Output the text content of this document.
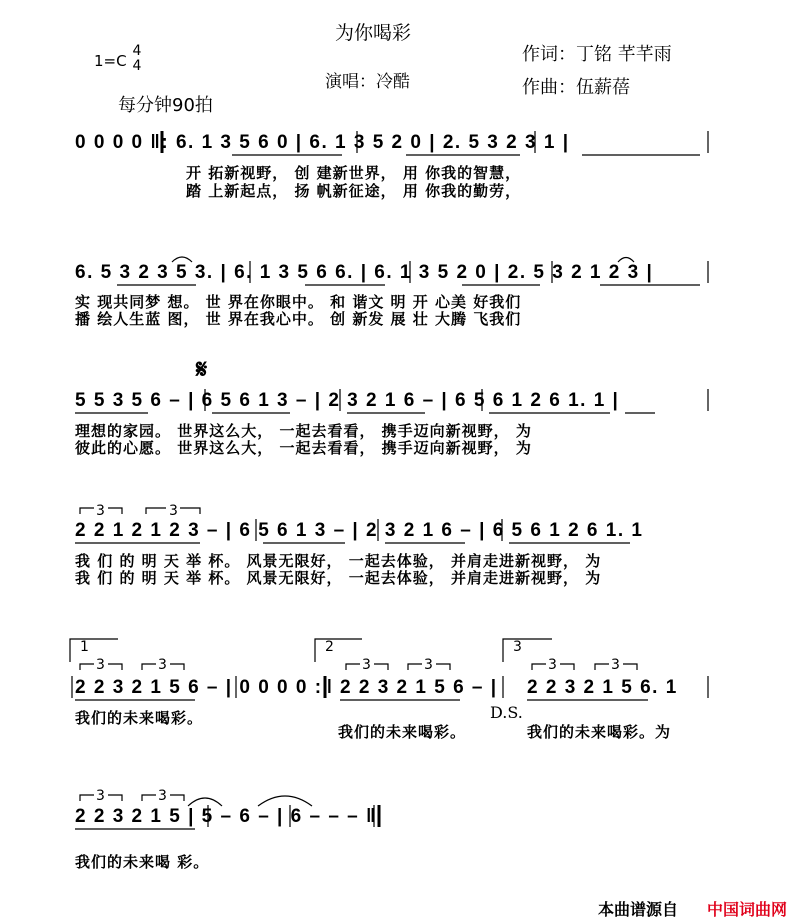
为你喝彩
1=C
4
4
演唱：冷酷
作词：丁铭 芊芊雨
作曲：伍薪蓓
每分钟90拍
0 0 0 0 ‖: 6. 1 3 5 6 0 | 6. 1 3 5 2 0 | 2. 5 3 2 3 1 |
开 拓新视野， 创 建新世界， 用 你我的智慧，
踏 上新起点， 扬 帆新征途， 用 你我的勤劳，
6. 5 3 2 3 5 3. | 6. 1 3 5 6 6. | 6. 1 3 5 2 0 | 2. 5 3 2 1 2 3 |
实 现共同梦 想。 世 界在你眼中。 和 谐文 明 开 心美 好我们
播 绘人生蓝 图， 世 界在我心中。 创 新发 展 壮 大腾 飞我们
𝄋
5 5 3 5 6 – | 6 5 6 1 3 – | 2 3 2 1 6 – | 6 5 6 1 2 6 1. 1 |
理想的家园。 世界这么大， 一起去看看， 携手迈向新视野， 为
彼此的心愿。 世界这么大， 一起去看看， 携手迈向新视野， 为
3	3
2 2 1 2 1 2 3 – | 6 5 6 1 3 – | 2 3 2 1 6 – | 6 5 6 1 2 6 1. 1
我 们 的 明 天 举 杯。 风景无限好， 一起去体验， 并肩走进新视野， 为
我 们 的 明 天 举 杯。 风景无限好， 一起去体验， 并肩走进新视野， 为
1	2	3
3	3	3	3	3	3
2 2 3 2 1 5 6 – | 0 0 0 0 :‖ 2 2 3 2 1 5 6 – | 2 2 3 2 1 5 6. 1
我们的未来喝彩。	D.S.
我们的未来喝彩。	我们的未来喝彩。为
3	3
2 2 3 2 1 5 | 5 – 6 – | 6 – – – ‖
我们的未来喝 彩。
本曲谱源自 中国词曲网
